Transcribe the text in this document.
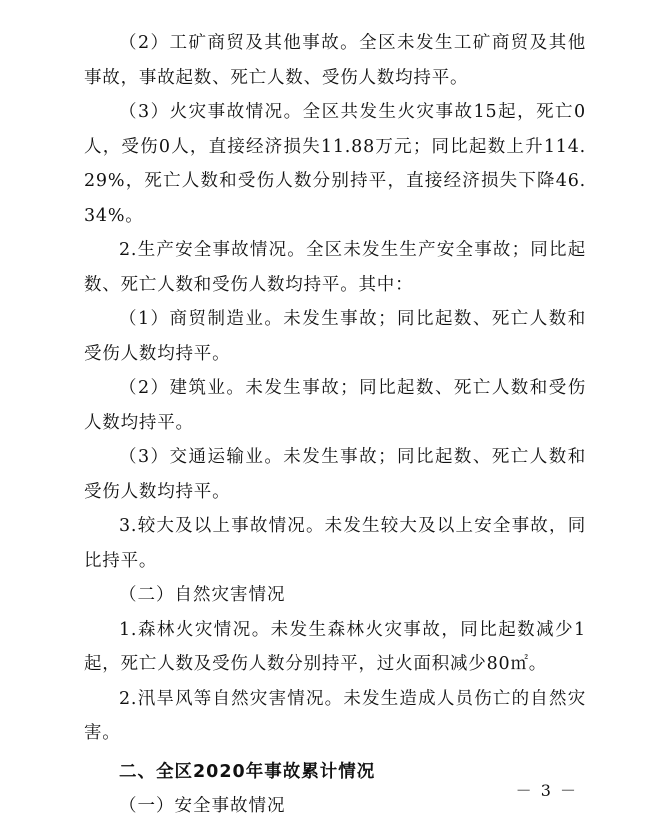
（2）工矿商贸及其他事故。全区未发生工矿商贸及其他事故，事故起数、死亡人数、受伤人数均持平。

（3）火灾事故情况。全区共发生火灾事故15起，死亡0人，受伤0人，直接经济损失11.88万元；同比起数上升114.29%，死亡人数和受伤人数分别持平，直接经济损失下降46.34%。

2.生产安全事故情况。全区未发生生产安全事故；同比起数、死亡人数和受伤人数均持平。其中：

（1）商贸制造业。未发生事故；同比起数、死亡人数和受伤人数均持平。

（2）建筑业。未发生事故；同比起数、死亡人数和受伤人数均持平。

（3）交通运输业。未发生事故；同比起数、死亡人数和受伤人数均持平。

3.较大及以上事故情况。未发生较大及以上安全事故，同比持平。

（二）自然灾害情况

1.森林火灾情况。未发生森林火灾事故，同比起数减少1起，死亡人数及受伤人数分别持平，过火面积减少80㎡。

2.汛旱风等自然灾害情况。未发生造成人员伤亡的自然灾害。

二、全区2020年事故累计情况

（一）安全事故情况

－ 3 －
